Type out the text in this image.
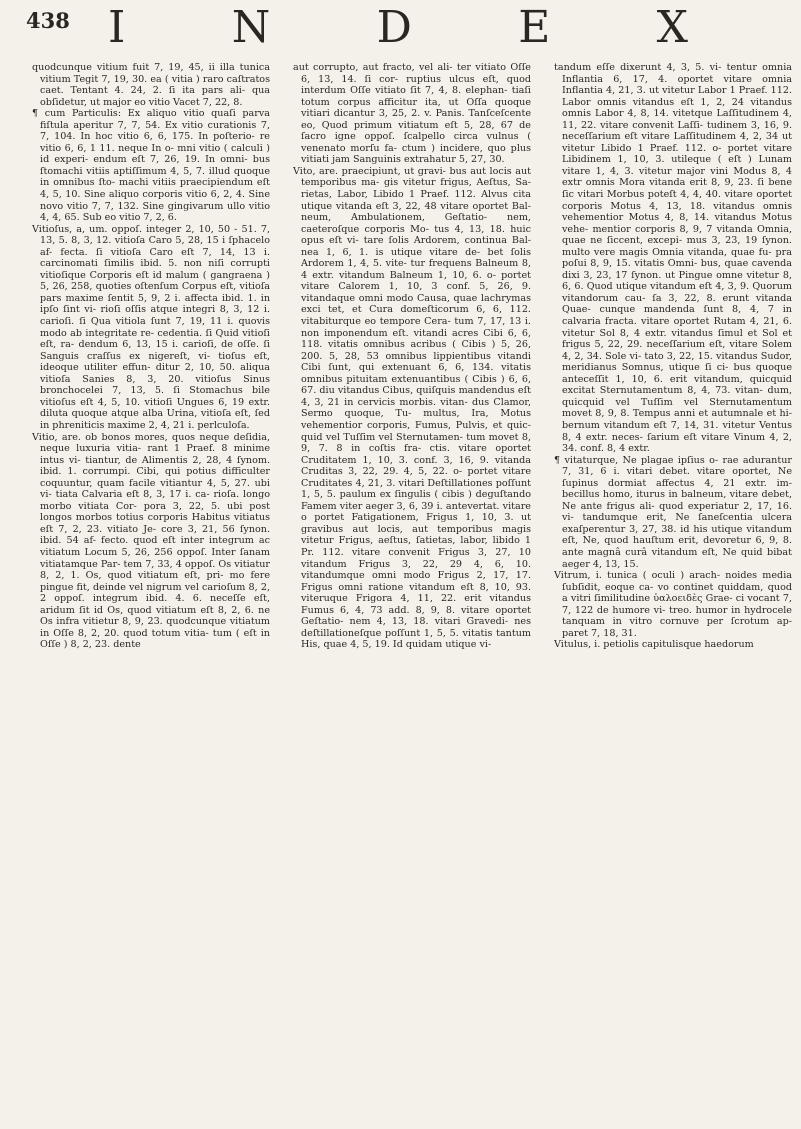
438 I N D E X

quodcunque vitium fuit 7, 19, 45, ii illa tunica vitium Tegit 7, 19, 30. ea ( vitia ) raro caſtratos caet. Tentant 4. 24, 2. ſi ita pars ali- qua obſidetur, ut major eo vitio Vacet 7, 22, 8.

¶ cum Particulis: Ex aliquo vitio quaſi parva fiſtula aperitur 7, 7, 54. Ex vitio curationis 7, 7, 104. In hoc vitio 6, 6, 175. In poſterio- re vitio 6, 6, 1 11. neque In o- mni vitio ( calculi ) id experi- endum eſt 7, 26, 19. In omni- bus ſtomachi vitiis aptiſſimum 4, 5, 7. illud quoque in omnibus ſto- machi vitiis praecipiendum eſt 4, 5, 10. Sine aliquo corporis vitio 6, 2, 4. Sine novo vitio 7, 7, 132. Sine gingivarum ullo vitio 4, 4, 65. Sub eo vitio 7, 2, 6.

Vitioſus, a, um. oppoſ. integer 2, 10, 50 - 51. 7, 13, 5. 8, 3, 12. vitioſa Caro 5, 28, 15 i ſphacelo af- fecta. ſi vitioſa Caro eſt 7, 14, 13 i. carcinomati ſimilis ibid. 5. non niſi corrupti vitioſique Corporis eſt id malum ( gangraena ) 5, 26, 258, quoties oſtenſum Corpus eſt, vitioſa pars maxime ſentit 5, 9, 2 i. affecta ibid. 1. in ipſo ſint vi- rioſi oſſis atque integri 8, 3, 12 i. carioſi. ſi Qua vitiola ſunt 7, 19, 11 i. quovis modo ab integritate re- cedentia. ſi Quid vitioſi eſt, ra- dendum 6, 13, 15 i. carioſi, de oſſe. ſi Sanguis craſſus ex nigereſt, vi- tioſus eſt, ideoque utiliter effun- ditur 2, 10, 50. aliqua vitioſa Sanies 8, 3, 20. vitioſus Sinus bronchocelei 7, 13, 5. ſi Stomachus bile vitioſus eſt 4, 5, 10. vitioſi Ungues 6, 19 extr. diluta quoque atque alba Urina, vitioſa eſt, ſed in phreniticis maxime 2, 4, 21 i. perlculoſa.

Vitio, are. ob bonos mores, quos neque deſidia, neque luxuria vitia- rant 1 Praef. 8 minime intus vi- tiantur, de Alimentis 2, 28, 4 ſynom. ibid. 1. corrumpi. Cibi, qui potius difficulter coquuntur, quam facile vitiantur 4, 5, 27. ubi vi- tiata Calvaria eſt 8, 3, 17 i. ca- rioſa. longo morbo vitiata Cor- pora 3, 22, 5. ubi post longos morbos totius corporis Habitus vitiatus eſt 7, 2, 23. vitiato Je- core 3, 21, 56 ſynon. ibid. 54 af- fecto. quod eſt inter integrum ac vitiatum Locum 5, 26, 256 oppoſ. Inter ſanam vitiatamque Par- tem 7, 33, 4 oppoſ. Os vitiatur 8, 2, 1. Os, quod vitiatum eſt, pri- mo fere pingue fit, deinde vel nigrum vel carioſum 8, 2, 2 oppoſ. integrum ibid. 4. 6. neceſſe eſt, aridum ſit id Os, quod vitiatum eſt 8, 2, 6. ne Os infra vitietur 8, 9, 23. quodcunque vitiatum in Oſſe 8, 2, 20. quod totum vitia- tum ( eſt in Oſſe ) 8, 2, 23. dente

aut corrupto, aut fracto, vel ali- ter vitiato Oſſe 6, 13, 14. ſi cor- ruptius ulcus eſt, quod interdum Oſſe vitiato ſit 7, 4, 8. elephan- tiaſi totum corpus afficitur ita, ut Oſſa quoque vitiari dicantur 3, 25, 2. v. Panis. Tanſceſcente eo, Quod primum vitiatum eſt 5, 28, 67 de ſacro igne oppoſ. ſcalpello circa vulnus ( venenato morſu fa- ctum ) incidere, quo plus vitiati jam Sanguinis extrahatur 5, 27, 30.

Vito, are. praecipiunt, ut gravi- bus aut locis aut temporibus ma- gis vitetur frigus, Aeſtus, Sa- rietas, Labor, Libido 1 Praef. 112. Alvus cita utique vitanda eſt 3, 22, 48 vitare oportet Bal- neum, Ambulationem, Geſtatio- nem, caeteroſque corporis Mo- tus 4, 13, 18. huic opus eſt vi- tare ſolis Ardorem, continua Bal- nea 1, 6, 1. is utique vitare de- bet ſolis Ardorem 1, 4, 5. vite- tur frequens Balneum 8, 4 extr. vitandum Balneum 1, 10, 6. o- portet vitare Calorem 1, 10, 3 conf. 5, 26, 9. vitandaque omni modo Causa, quae lachrymas exci tet, et Cura domeſticorum 6, 6, 112. vitabiturque eo tempore Cera- tum 7, 17, 13 i. non imponendum eſt. vitandi acres Cibi 6, 6, 118. vitatis omnibus acribus ( Cibis ) 5, 26, 200. 5, 28, 53 omnibus lippientibus vitandi Cibi ſunt, qui extenuant 6, 6, 134. vitatis omnibus pituitam extenuantibus ( Cibis ) 6, 6, 67. diu vitandus Cibus, quiſquis mandendus eſt 4, 3, 21 in cervicis morbis. vitan- dus Clamor, Sermo quoque, Tu- multus, Ira, Motus vehementior corporis, Fumus, Pulvis, et quic- quid vel Tuſſim vel Sternutamen- tum movet 8, 9, 7. 8 in coſtis fra- ctis. vitare oportet Cruditatem 1, 10, 3. conf. 3, 16, 9. vitanda Cruditas 3, 22, 29. 4, 5, 22. o- portet vitare Cruditates 4, 21, 3. vitari Deſtillationes poſſunt 1, 5, 5. paulum ex ſingulis ( cibis ) deguſtando Famem viter aeger 3, 6, 39 i. antevertat. vitare o portet Fatigationem, Frigus 1, 10, 3. ut gravibus aut locis, aut temporibus magis vitetur Frigus, aeſtus, ſatietas, labor, libido 1 Pr. 112. vitare convenit Frigus 3, 27, 10 vitandum Frigus 3, 22, 29 4, 6, 10. vitandumque omni modo Frigus 2, 17, 17. Frigus omni ratione vitandum eſt 8, 10, 93. viteruque Frigora 4, 11, 22. erit vitandus Fumus 6, 4, 73 add. 8, 9, 8. vitare oportet Geſtatio- nem 4, 13, 18. vitari Gravedi- nes deſtillationeſque poſſunt 1, 5, 5. vitatis tantum His, quae 4, 5, 19. Id quidam utique vi-

tandum eſſe dixerunt 4, 3, 5. vi- tentur omnia Inflantia 6, 17, 4. oportet vitare omnia Inflantia 4, 21, 3. ut vitetur Labor 1 Praef. 112. Labor omnis vitandus eſt 1, 2, 24 vitandus omnis Labor 4, 8, 14. vitetque Laſſitudinem 4, 11, 22. vitare convenit Laſſi- tudinem 3, 16, 9. neceſſarium eſt vitare Laſſitudinem 4, 2, 34 ut vitetur Libido 1 Praef. 112. o- portet vitare Libidinem 1, 10, 3. utileque ( eſt ) Lunam vitare 1, 4, 3. vitetur major vini Modus 8, 4 extr omnis Mora vitanda erit 8, 9, 23. ſi bene ſic vitari Morbus poteſt 4, 4, 40. vitare oportet corporis Motus 4, 13, 18. vitandus omnis vehementior Motus 4, 8, 14. vitandus Motus vehe- mentior corporis 8, 9, 7 vitanda Omnia, quae ne ſiccent, excepi- mus 3, 23, 19 ſynon. multo vere magis Omnia vitanda, quae fu- pra poſui 8, 9, 15. vitatis Omni- bus, quae cavenda dixi 3, 23, 17 ſynon. ut Pingue omne vitetur 8, 6, 6. Quod utique vitandum eſt 4, 3, 9. Quorum vitandorum cau- ſa 3, 22, 8. erunt vitanda Quae- cunque mandenda ſunt 8, 4, 7 in calvaria fracta. vitare oportet Rutam 4, 21, 6. vitetur Sol 8, 4 extr. vitandus ſimul et Sol et frigus 5, 22, 29. neceſſarium eſt, vitare Solem 4, 2, 34. Sole vi- tato 3, 22, 15. vitandus Sudor, meridianus Somnus, utique ſi ci- bus quoque anteceſſit 1, 10, 6. erit vitandum, quicquid excitat Sternutamentum 8, 4, 73. vitan- dum, quicquid vel Tuſſim vel Sternutamentum movet 8, 9, 8. Tempus anni et autumnale et hi- bernum vitandum eſt 7, 14, 31. vitetur Ventus 8, 4 extr. neces- ſarium eſt vitare Vinum 4, 2, 34. conf. 8, 4 extr.

¶ vitaturque, Ne plagae ipſius o- rae adurantur 7, 31, 6 i. vitari debet. vitare oportet, Ne ſupinus dormiat affectus 4, 21 extr. im- becillus homo, iturus in balneum, vitare debet, Ne ante frigus ali- quod experiatur 2, 17, 16. vi- tandumque erit, Ne ſaneſcentia ulcera exaſperentur 3, 27, 38. id his utique vitandum eſt, Ne, quod hauſtum erit, devoretur 6, 9, 8. ante magnâ curâ vitandum eſt, Ne quid bibat aeger 4, 13, 15.

Vitrum, i. tunica ( oculi ) arach- noides media ſubſidit, eoque ca- vo continet quiddam, quod a vitri ſimilitudine ὑαλοειδὲς Grae- ci vocant 7, 7, 122 de humore vi- treo. humor in hydrocele tanquam in vitro cornuve per ſcrotum ap- paret 7, 18, 31.

Vitulus, i. petiolis capitulisque haedorum
